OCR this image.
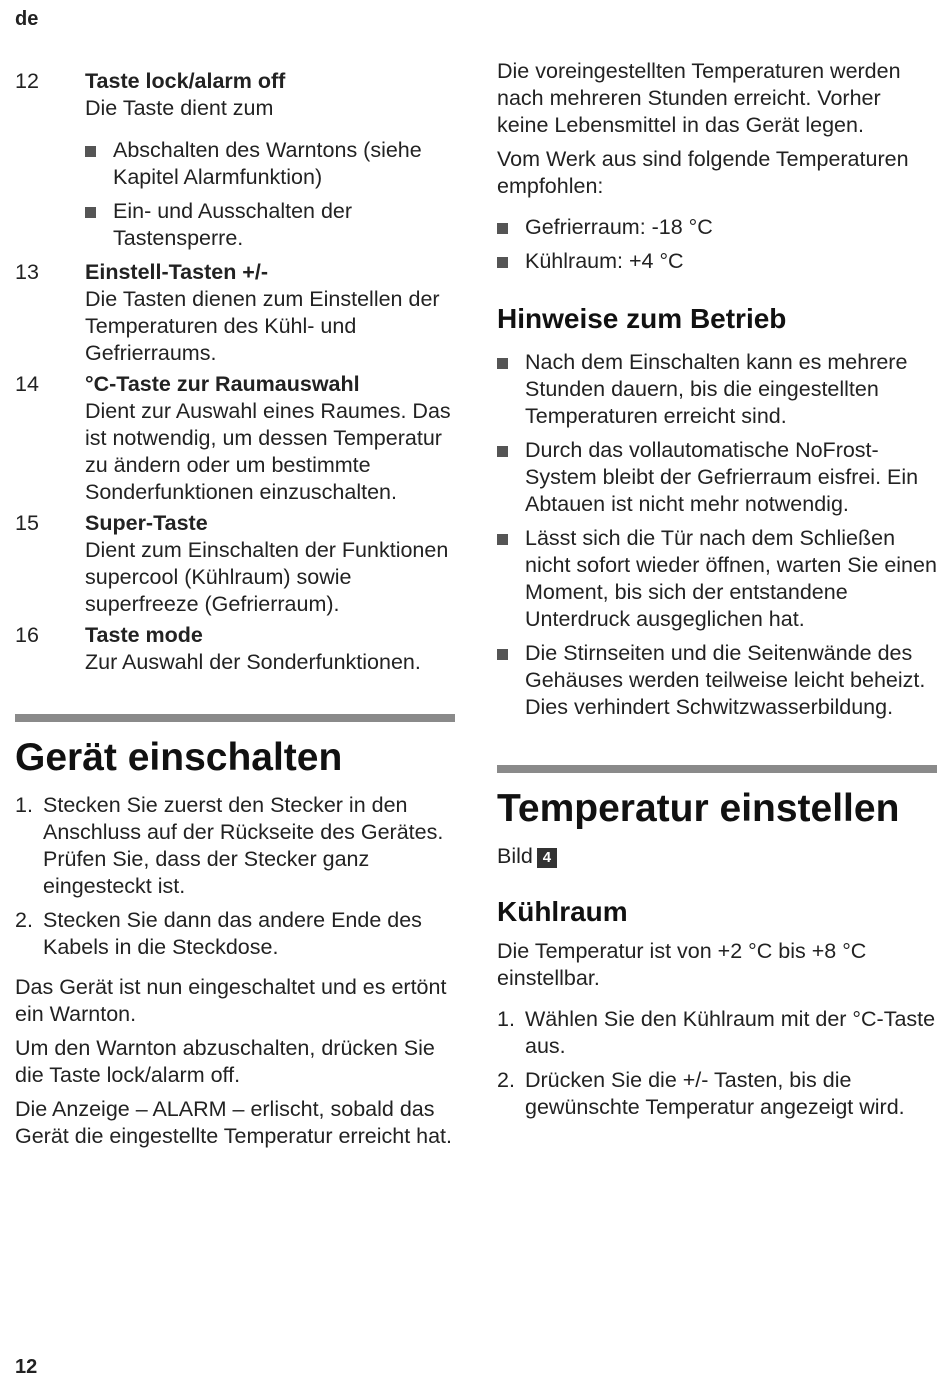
de
12 Taste lock/alarm off
Die Taste dient zum
Abschalten des Warntons (siehe Kapitel Alarmfunktion)
Ein- und Ausschalten der Tastensperre.
13 Einstell-Tasten +/-
Die Tasten dienen zum Einstellen der Temperaturen des Kühl- und Gefrierraums.
14 °C-Taste zur Raumauswahl
Dient zur Auswahl eines Raumes. Das ist notwendig, um dessen Temperatur zu ändern oder um bestimmte Sonderfunktionen einzuschalten.
15 Super-Taste
Dient zum Einschalten der Funktionen supercool (Kühlraum) sowie superfreeze (Gefrierraum).
16 Taste mode
Zur Auswahl der Sonderfunktionen.
Gerät einschalten
1. Stecken Sie zuerst den Stecker in den Anschluss auf der Rückseite des Gerätes. Prüfen Sie, dass der Stecker ganz eingesteckt ist.
2. Stecken Sie dann das andere Ende des Kabels in die Steckdose.

Das Gerät ist nun eingeschaltet und es ertönt ein Warnton.

Um den Warnton abzuschalten, drücken Sie die Taste lock/alarm off.

Die Anzeige – ALARM – erlischt, sobald das Gerät die eingestellte Temperatur erreicht hat.

Die voreingestellten Temperaturen werden nach mehreren Stunden erreicht. Vorher keine Lebensmittel in das Gerät legen.

Vom Werk aus sind folgende Temperaturen empfohlen:

Gefrierraum: -18 °C
Kühlraum: +4 °C
Hinweise zum Betrieb
Nach dem Einschalten kann es mehrere Stunden dauern, bis die eingestellten Temperaturen erreicht sind.
Durch das vollautomatische NoFrost-System bleibt der Gefrierraum eisfrei. Ein Abtauen ist nicht mehr notwendig.
Lässt sich die Tür nach dem Schließen nicht sofort wieder öffnen, warten Sie einen Moment, bis sich der entstandene Unterdruck ausgeglichen hat.
Die Stirnseiten und die Seitenwände des Gehäuses werden teilweise leicht beheizt. Dies verhindert Schwitzwasserbildung.
Temperatur einstellen

Bild 4

Kühlraum

Die Temperatur ist von +2 °C bis +8 °C einstellbar.

1. Wählen Sie den Kühlraum mit der °C-Taste aus.
2. Drücken Sie die +/- Tasten, bis die gewünschte Temperatur angezeigt wird.
12
